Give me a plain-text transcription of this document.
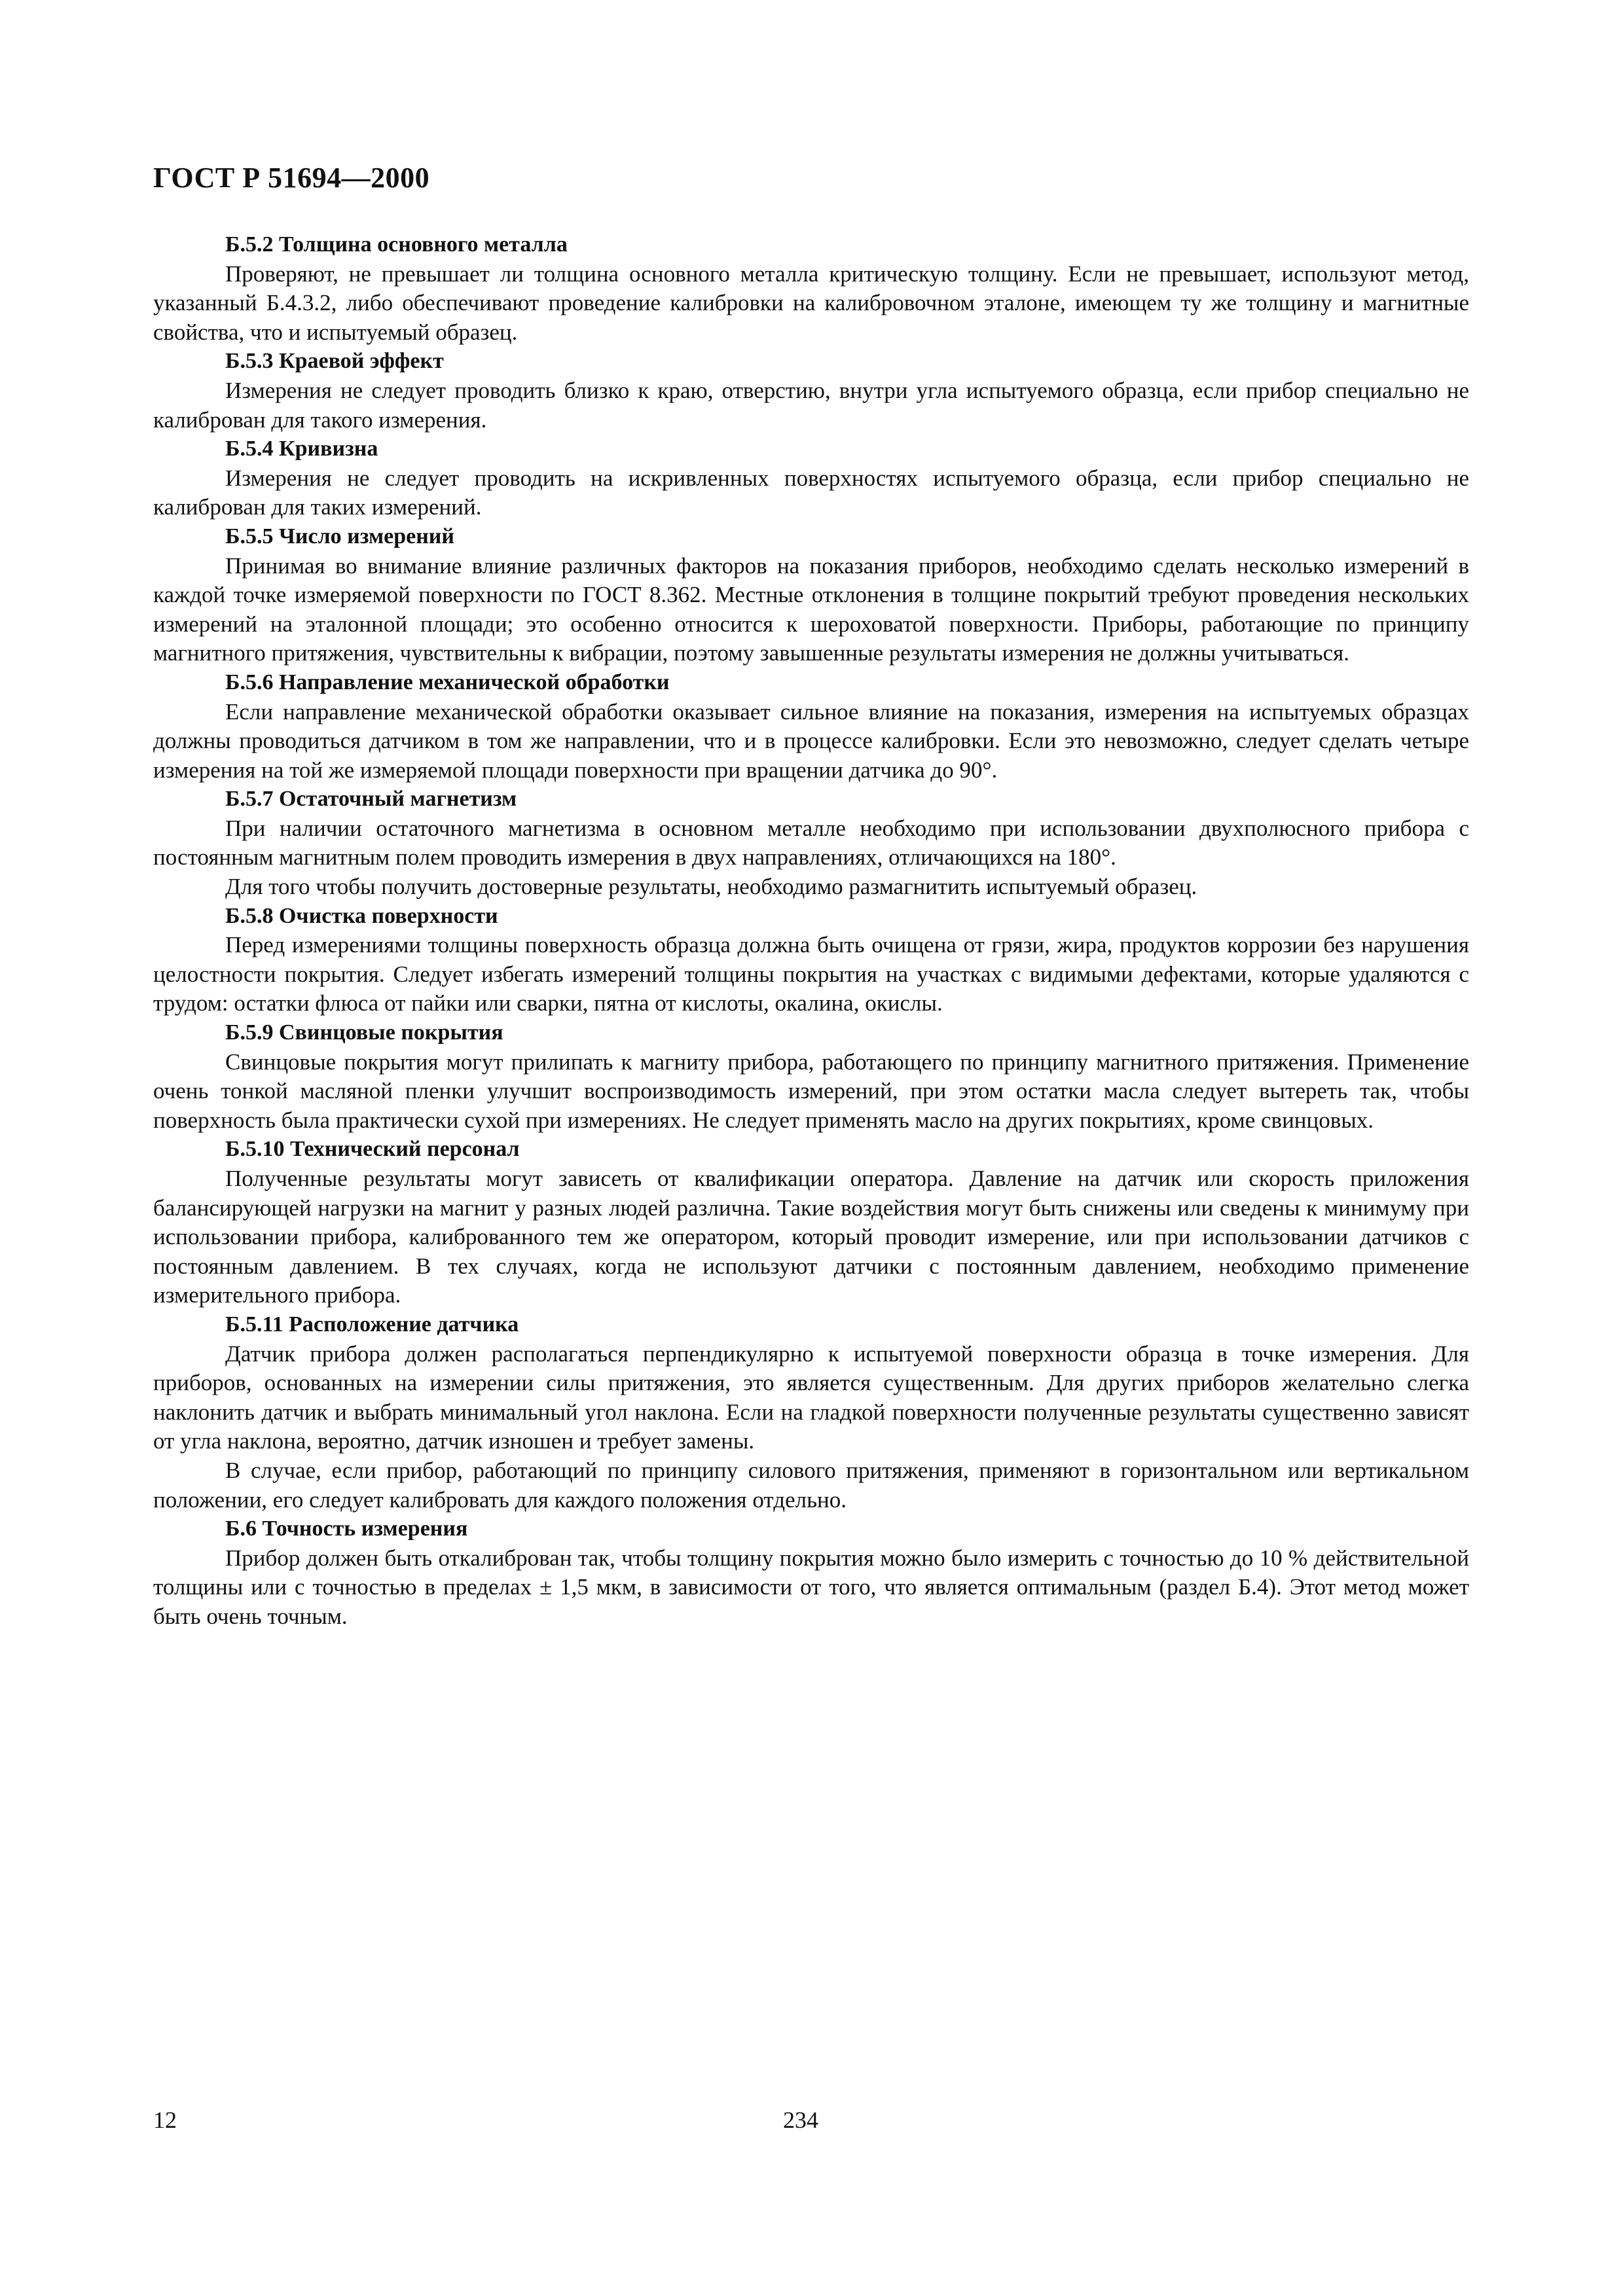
ГОСТ Р 51694—2000
Б.5.2 Толщина основного металла

Проверяют, не превышает ли толщина основного металла критическую толщину. Если не превышает, используют метод, указанный Б.4.3.2, либо обеспечивают проведение калибровки на калибровочном эталоне, имеющем ту же толщину и магнитные свойства, что и испытуемый образец.

Б.5.3 Краевой эффект

Измерения не следует проводить близко к краю, отверстию, внутри угла испытуемого образца, если прибор специально не калиброван для такого измерения.

Б.5.4 Кривизна

Измерения не следует проводить на искривленных поверхностях испытуемого образца, если прибор специально не калиброван для таких измерений.

Б.5.5 Число измерений

Принимая во внимание влияние различных факторов на показания приборов, необходимо сделать несколько измерений в каждой точке измеряемой поверхности по ГОСТ 8.362. Местные отклонения в толщине покрытий требуют проведения нескольких измерений на эталонной площади; это особенно относится к шероховатой поверхности. Приборы, работающие по принципу магнитного притяжения, чувствительны к вибрации, поэтому завышенные результаты измерения не должны учитываться.

Б.5.6 Направление механической обработки

Если направление механической обработки оказывает сильное влияние на показания, измерения на испытуемых образцах должны проводиться датчиком в том же направлении, что и в процессе калибровки. Если это невозможно, следует сделать четыре измерения на той же измеряемой площади поверхности при вращении датчика до 90°.

Б.5.7 Остаточный магнетизм

При наличии остаточного магнетизма в основном металле необходимо при использовании двухполюсного прибора с постоянным магнитным полем проводить измерения в двух направлениях, отличающихся на 180°.

Для того чтобы получить достоверные результаты, необходимо размагнитить испытуемый образец.

Б.5.8 Очистка поверхности

Перед измерениями толщины поверхность образца должна быть очищена от грязи, жира, продуктов коррозии без нарушения целостности покрытия. Следует избегать измерений толщины покрытия на участках с видимыми дефектами, которые удаляются с трудом: остатки флюса от пайки или сварки, пятна от кислоты, окалина, окислы.

Б.5.9 Свинцовые покрытия

Свинцовые покрытия могут прилипать к магниту прибора, работающего по принципу магнитного притяжения. Применение очень тонкой масляной пленки улучшит воспроизводимость измерений, при этом остатки масла следует вытереть так, чтобы поверхность была практически сухой при измерениях. Не следует применять масло на других покрытиях, кроме свинцовых.

Б.5.10 Технический персонал

Полученные результаты могут зависеть от квалификации оператора. Давление на датчик или скорость приложения балансирующей нагрузки на магнит у разных людей различна. Такие воздействия могут быть снижены или сведены к минимуму при использовании прибора, калиброванного тем же оператором, который проводит измерение, или при использовании датчиков с постоянным давлением. В тех случаях, когда не используют датчики с постоянным давлением, необходимо применение измерительного прибора.

Б.5.11 Расположение датчика

Датчик прибора должен располагаться перпендикулярно к испытуемой поверхности образца в точке измерения. Для приборов, основанных на измерении силы притяжения, это является существенным. Для других приборов желательно слегка наклонить датчик и выбрать минимальный угол наклона. Если на гладкой поверхности полученные результаты существенно зависят от угла наклона, вероятно, датчик изношен и требует замены.

В случае, если прибор, работающий по принципу силового притяжения, применяют в горизонтальном или вертикальном положении, его следует калибровать для каждого положения отдельно.

Б.6 Точность измерения

Прибор должен быть откалиброван так, чтобы толщину покрытия можно было измерить с точностью до 10 % действительной толщины или с точностью в пределах ± 1,5 мкм, в зависимости от того, что является оптимальным (раздел Б.4). Этот метод может быть очень точным.

12	234
